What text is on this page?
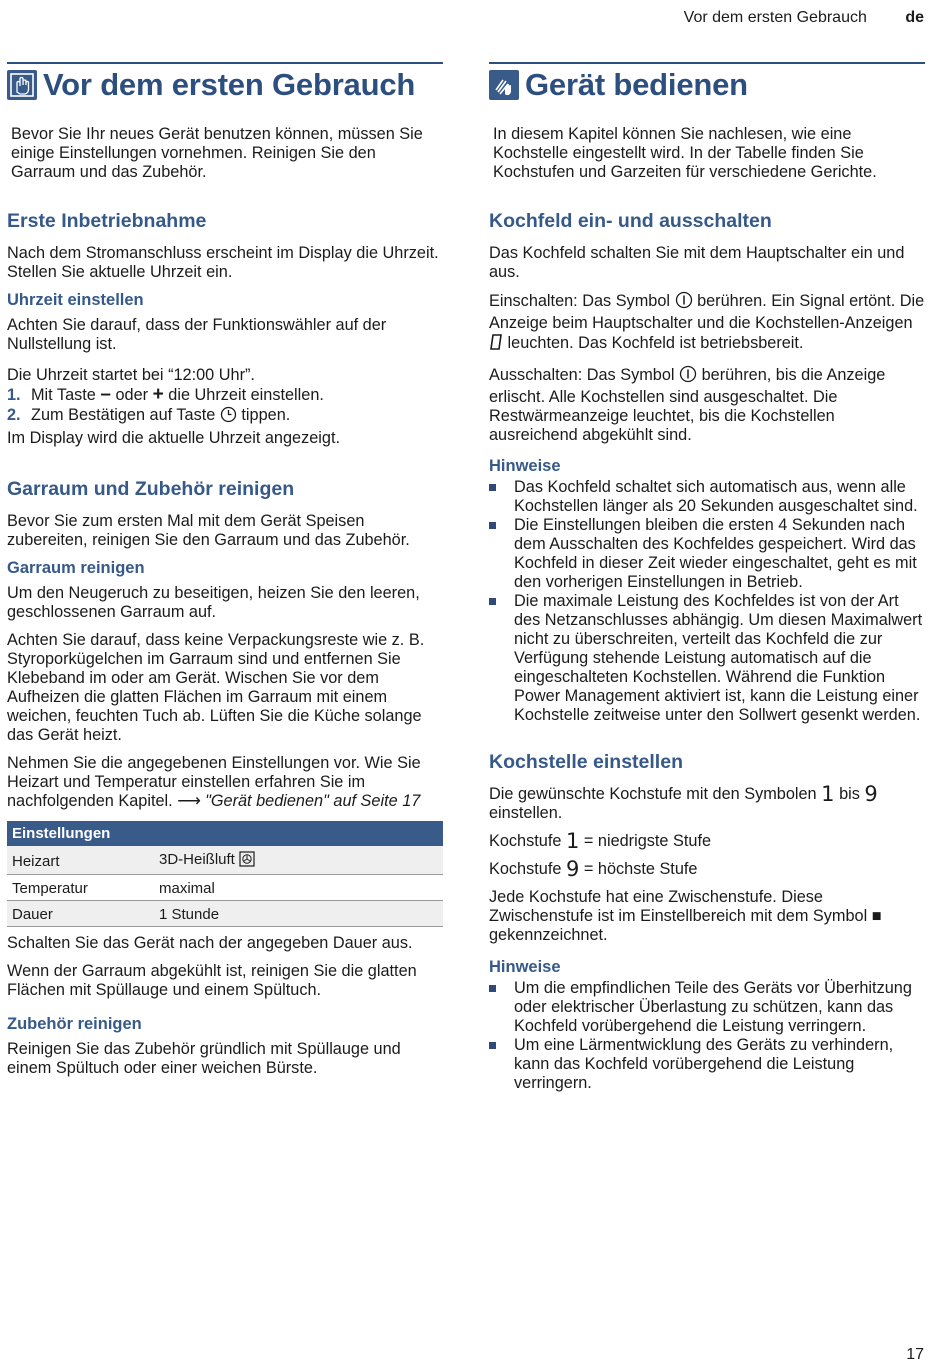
Vor dem ersten Gebrauch de
Vor dem ersten Gebrauch

Bevor Sie Ihr neues Gerät benutzen können, müssen Sie einige Einstellungen vornehmen. Reinigen Sie den Garraum und das Zubehör.

Erste Inbetriebnahme

Nach dem Stromanschluss erscheint im Display die Uhrzeit. Stellen Sie aktuelle Uhrzeit ein.

Uhrzeit einstellen

Achten Sie darauf, dass der Funktionswähler auf der Nullstellung ist.

Die Uhrzeit startet bei “12:00 Uhr”.

1. Mit Taste – oder + die Uhrzeit einstellen.
2. Zum Bestätigen auf Taste tippen.
Im Display wird die aktuelle Uhrzeit angezeigt.
Garraum und Zubehör reinigen

Bevor Sie zum ersten Mal mit dem Gerät Speisen zubereiten, reinigen Sie den Garraum und das Zubehör.

Garraum reinigen

Um den Neugeruch zu beseitigen, heizen Sie den leeren, geschlossenen Garraum auf.

Achten Sie darauf, dass keine Verpackungsreste wie z. B. Styroporkügelchen im Garraum sind und entfernen Sie Klebeband im oder am Gerät. Wischen Sie vor dem Aufheizen die glatten Flächen im Garraum mit einem weichen, feuchten Tuch ab. Lüften Sie die Küche solange das Gerät heizt.

Nehmen Sie die angegebenen Einstellungen vor. Wie Sie Heizart und Temperatur einstellen erfahren Sie im nachfolgenden Kapitel. ⟶ "Gerät bedienen" auf Seite 17

Einstellungen	
Heizart	3D-Heißluft
Temperatur	maximal
Dauer	1 Stunde

Schalten Sie das Gerät nach der angegeben Dauer aus.

Wenn der Garraum abgekühlt ist, reinigen Sie die glatten Flächen mit Spüllauge und einem Spültuch.

Zubehör reinigen

Reinigen Sie das Zubehör gründlich mit Spüllauge und einem Spültuch oder einer weichen Bürste.

Gerät bedienen

In diesem Kapitel können Sie nachlesen, wie eine Kochstelle eingestellt wird. In der Tabelle finden Sie Kochstufen und Garzeiten für verschiedene Gerichte.

Kochfeld ein- und ausschalten

Das Kochfeld schalten Sie mit dem Hauptschalter ein und aus.

Einschalten: Das Symbol berühren. Ein Signal ertönt. Die Anzeige beim Hauptschalter und die Kochstellen-Anzeigen  leuchten. Das Kochfeld ist betriebsbereit.

Ausschalten: Das Symbol berühren, bis die Anzeige erlischt. Alle Kochstellen sind ausgeschaltet. Die Restwärmeanzeige leuchtet, bis die Kochstellen ausreichend abgekühlt sind.

Hinweise
Das Kochfeld schaltet sich automatisch aus, wenn alle Kochstellen länger als 20 Sekunden ausgeschaltet sind.
Die Einstellungen bleiben die ersten 4 Sekunden nach dem Ausschalten des Kochfeldes gespeichert. Wird das Kochfeld in dieser Zeit wieder eingeschaltet, geht es mit den vorherigen Einstellungen in Betrieb.
Die maximale Leistung des Kochfeldes ist von der Art des Netzanschlusses abhängig. Um diesen Maximalwert nicht zu überschreiten, verteilt das Kochfeld die zur Verfügung stehende Leistung automatisch auf die eingeschalteten Kochstellen. Während die Funktion Power Management aktiviert ist, kann die Leistung einer Kochstelle zeitweise unter den Sollwert gesenkt werden.
Kochstelle einstellen

Die gewünschte Kochstufe mit den Symbolen 1 bis 9 einstellen.

Kochstufe 1 = niedrigste Stufe

Kochstufe 9 = höchste Stufe

Jede Kochstufe hat eine Zwischenstufe. Diese Zwischenstufe ist im Einstellbereich mit dem Symbol ■ gekennzeichnet.

Hinweise
Um die empfindlichen Teile des Geräts vor Überhitzung oder elektrischer Überlastung zu schützen, kann das Kochfeld vorübergehend die Leistung verringern.
Um eine Lärmentwicklung des Geräts zu verhindern, kann das Kochfeld vorübergehend die Leistung verringern.
17
